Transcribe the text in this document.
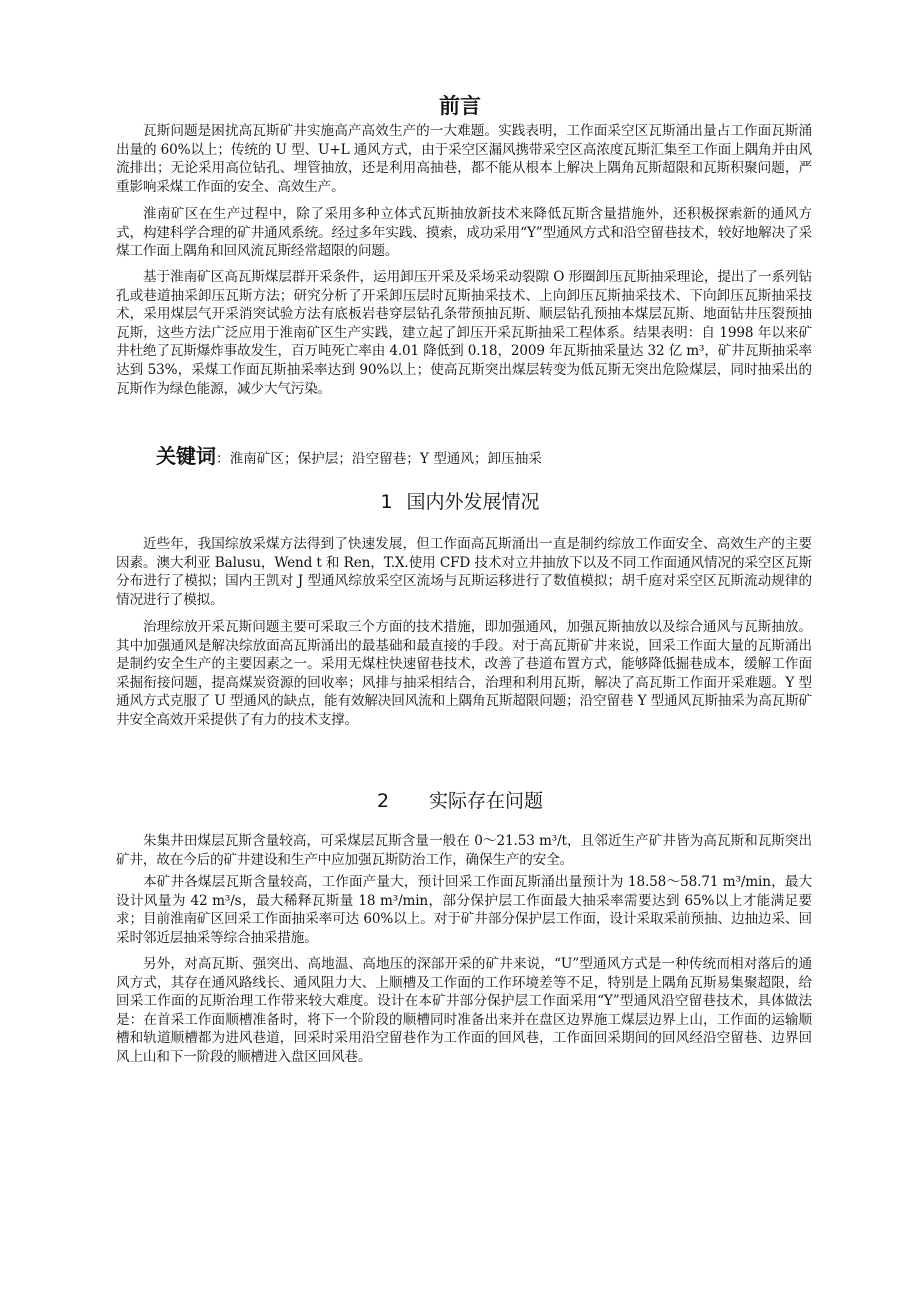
前言

瓦斯问题是困扰高瓦斯矿井实施高产高效生产的一大难题。实践表明，工作面采空区瓦斯涌出量占工作面瓦斯涌出量的 60%以上；传统的 U 型、U+L 通风方式，由于采空区漏风携带采空区高浓度瓦斯汇集至工作面上隅角并由风流排出；无论采用高位钻孔、埋管抽放，还是利用高抽巷，都不能从根本上解决上隅角瓦斯超限和瓦斯积聚问题，严重影响采煤工作面的安全、高效生产。

淮南矿区在生产过程中，除了采用多种立体式瓦斯抽放新技术来降低瓦斯含量措施外，还积极探索新的通风方式，构建科学合理的矿井通风系统。经过多年实践、摸索，成功采用“Y”型通风方式和沿空留巷技术，较好地解决了采煤工作面上隅角和回风流瓦斯经常超限的问题。

基于淮南矿区高瓦斯煤层群开采条件，运用卸压开采及采场采动裂隙 O 形圈卸压瓦斯抽采理论，提出了一系列钻孔或巷道抽采卸压瓦斯方法；研究分析了开采卸压层时瓦斯抽采技术、上向卸压瓦斯抽采技术、下向卸压瓦斯抽采技术，采用煤层气开采消突试验方法有底板岩巷穿层钻孔条带预抽瓦斯、顺层钻孔预抽本煤层瓦斯、地面钻井压裂预抽瓦斯，这些方法广泛应用于淮南矿区生产实践，建立起了卸压开采瓦斯抽采工程体系。结果表明：自 1998 年以来矿井杜绝了瓦斯爆炸事故发生，百万吨死亡率由 4.01 降低到 0.18，2009 年瓦斯抽采量达 32 亿 m³，矿井瓦斯抽采率达到 53%，采煤工作面瓦斯抽采率达到 90%以上；使高瓦斯突出煤层转变为低瓦斯无突出危险煤层，同时抽采出的瓦斯作为绿色能源，减少大气污染。

关键词：淮南矿区；保护层；沿空留巷；Y 型通风；卸压抽采
1 国内外发展情况

近些年，我国综放采煤方法得到了快速发展，但工作面高瓦斯涌出一直是制约综放工作面安全、高效生产的主要因素。澳大利亚 Balusu，Wend t 和 Ren，T.X.使用 CFD 技术对立井抽放下以及不同工作面通风情况的采空区瓦斯分布进行了模拟；国内王凯对 J 型通风综放采空区流场与瓦斯运移进行了数值模拟；胡千庭对采空区瓦斯流动规律的情况进行了模拟。

治理综放开采瓦斯问题主要可采取三个方面的技术措施，即加强通风，加强瓦斯抽放以及综合通风与瓦斯抽放。其中加强通风是解决综放面高瓦斯涌出的最基础和最直接的手段。对于高瓦斯矿井来说，回采工作面大量的瓦斯涌出是制约安全生产的主要因素之一。采用无煤柱快速留巷技术，改善了巷道布置方式，能够降低掘巷成本，缓解工作面采掘衔接问题，提高煤炭资源的回收率；风排与抽采相结合，治理和利用瓦斯，解决了高瓦斯工作面开采难题。Y 型通风方式克服了 U 型通风的缺点，能有效解决回风流和上隅角瓦斯超限问题；沿空留巷 Y 型通风瓦斯抽采为高瓦斯矿井安全高效开采提供了有力的技术支撑。

2 实际存在问题

朱集井田煤层瓦斯含量较高，可采煤层瓦斯含量一般在 0～21.53 m³/t，且邻近生产矿井皆为高瓦斯和瓦斯突出矿井，故在今后的矿井建设和生产中应加强瓦斯防治工作，确保生产的安全。

本矿井各煤层瓦斯含量较高，工作面产量大，预计回采工作面瓦斯涌出量预计为 18.58～58.71 m³/min，最大设计风量为 42 m³/s，最大稀释瓦斯量 18 m³/min，部分保护层工作面最大抽采率需要达到 65%以上才能满足要求；目前淮南矿区回采工作面抽采率可达 60%以上。对于矿井部分保护层工作面，设计采取采前预抽、边抽边采、回采时邻近层抽采等综合抽采措施。

另外，对高瓦斯、强突出、高地温、高地压的深部开采的矿井来说，“U”型通风方式是一种传统而相对落后的通风方式，其存在通风路线长、通风阻力大、上顺槽及工作面的工作环境差等不足，特别是上隅角瓦斯易集聚超限，给回采工作面的瓦斯治理工作带来较大难度。设计在本矿井部分保护层工作面采用“Y”型通风沿空留巷技术，具体做法是：在首采工作面顺槽准备时，将下一个阶段的顺槽同时准备出来并在盘区边界施工煤层边界上山，工作面的运输顺槽和轨道顺槽都为进风巷道，回采时采用沿空留巷作为工作面的回风巷，工作面回采期间的回风经沿空留巷、边界回风上山和下一阶段的顺槽进入盘区回风巷。
